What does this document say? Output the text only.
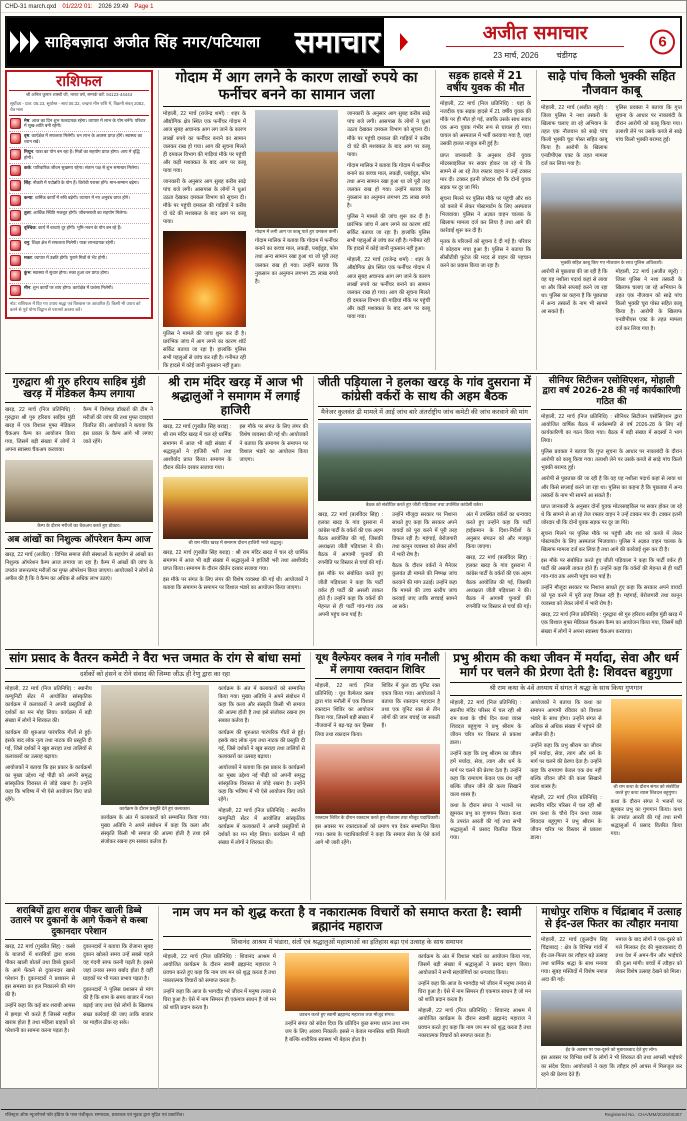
CHD-31 march.qxd 01/22/2 01: 2026 29:49 Page 1
साहिबज़ादा अजीत सिंह नगर/पटियाला समाचार	अजीत समाचार
23 मार्च, 2026 चंडीगढ़
6
राशिफल
श्री अनिल कुमार शास्त्री जी, भारत वर्ष, सम्पर्क करें: 94123-44444
सूर्योदय - प्रात: 06:23, सूर्यास्त - सायं 06:32, चन्द्रमा मीन राशि में, विक्रमी संवत् 2082, चैत्र मास
मेष: आज का दिन शुभ फलदायक रहेगा। व्यापार में लाभ के योग बनेंगे। परिवार में सुख-शांति बनी रहेगी।
वृष: कार्यक्षेत्र में सफलता मिलेगी। धन लाभ के अवसर प्राप्त होंगे। स्वास्थ्य का ध्यान रखें।
मिथुन: यात्रा का योग बन रहा है। मित्रों का सहयोग प्राप्त होगा। आय में वृद्धि होगी।
कर्क: पारिवारिक जीवन सुखमय रहेगा। संतान पक्ष से शुभ समाचार मिलेगा।
सिंह: नौकरी में पदोन्नति के योग हैं। विरोधी परास्त होंगे। मान-सम्मान बढ़ेगा।
कन्या: धार्मिक कार्यों में रुचि बढ़ेगी। व्यापार में नए अनुबंध प्राप्त होंगे।
तुला: आर्थिक स्थिति मजबूत होगी। जीवनसाथी का सहयोग मिलेगा।
वृश्चिक: कार्य में बाधाएं दूर होंगी। भूमि-भवन के योग बन रहे हैं।
धनु: शिक्षा क्षेत्र में सफलता मिलेगी। यात्रा लाभदायक रहेगी।
मकर: व्यापार में उन्नति होगी। पुराने मित्रों से भेंट होगी।
कुंभ: स्वास्थ्य में सुधार होगा। रुका हुआ धन प्राप्त होगा।
मीन: शुभ कार्यों पर व्यय होगा। कार्यक्षेत्र में प्रशंसा मिलेगी।
नोट: राशिफल में दिए गए उपाय श्रद्धा एवं विश्वास पर आधारित हैं। किसी भी उपाय को करने से पूर्व योग्य विद्वान से परामर्श अवश्य करें।
गोदाम में आग लगने के कारण लाखों रुपये का फर्नीचर बनने का सामान जला

मोहाली, 22 मार्च (राजेन्द्र शर्मा) : शहर के औद्योगिक क्षेत्र स्थित एक फर्नीचर गोदाम में आज सुबह अचानक आग लग जाने के कारण लाखों रुपये का फर्नीचर बनाने का सामान जलकर राख हो गया। आग की सूचना मिलते ही दमकल विभाग की गाड़ियां मौके पर पहुंचीं और कड़ी मशक्कत के बाद आग पर काबू पाया गया।

जानकारी के अनुसार आग सुबह करीब साढ़े पांच बजे लगी। आसपास के लोगों ने धुआं उठता देखकर दमकल विभाग को सूचना दी। मौके पर पहुंची दमकल की गाड़ियों ने करीब दो घंटे की मशक्कत के बाद आग पर काबू पाया।

पुलिस ने मामले की जांच शुरू कर दी है। प्रारंभिक जांच में आग लगने का कारण शॉर्ट सर्किट बताया जा रहा है। हालांकि पुलिस सभी पहलुओं से जांच कर रही है। गनीमत रही कि हादसे में कोई जानी नुकसान नहीं हुआ।

गोदाम में लगी आग पर काबू पाते हुए दमकल कर्मी।

गोदाम मालिक ने बताया कि गोदाम में फर्नीचर बनाने का कच्चा माल, लकड़ी, प्लाईवुड, फोम तथा अन्य सामान रखा हुआ था जो पूरी तरह जलकर राख हो गया। उन्होंने बताया कि नुकसान का अनुमान लगभग 25 लाख रुपये है।

जानकारी के अनुसार आग सुबह करीब साढ़े पांच बजे लगी। आसपास के लोगों ने धुआं उठता देखकर दमकल विभाग को सूचना दी। मौके पर पहुंची दमकल की गाड़ियों ने करीब दो घंटे की मशक्कत के बाद आग पर काबू पाया।

गोदाम मालिक ने बताया कि गोदाम में फर्नीचर बनाने का कच्चा माल, लकड़ी, प्लाईवुड, फोम तथा अन्य सामान रखा हुआ था जो पूरी तरह जलकर राख हो गया। उन्होंने बताया कि नुकसान का अनुमान लगभग 25 लाख रुपये है।

पुलिस ने मामले की जांच शुरू कर दी है। प्रारंभिक जांच में आग लगने का कारण शॉर्ट सर्किट बताया जा रहा है। हालांकि पुलिस सभी पहलुओं से जांच कर रही है। गनीमत रही कि हादसे में कोई जानी नुकसान नहीं हुआ।

मोहाली, 22 मार्च (राजेन्द्र शर्मा) : शहर के औद्योगिक क्षेत्र स्थित एक फर्नीचर गोदाम में आज सुबह अचानक आग लग जाने के कारण लाखों रुपये का फर्नीचर बनाने का सामान जलकर राख हो गया। आग की सूचना मिलते ही दमकल विभाग की गाड़ियां मौके पर पहुंचीं और कड़ी मशक्कत के बाद आग पर काबू पाया गया।

सड़क हादसे में 21 वर्षीय युवक की मौत

मोहाली, 22 मार्च (निज प्रतिनिधि) : यहां के नजदीक एक सड़क हादसे में 21 वर्षीय युवक की मौके पर ही मौत हो गई, जबकि उसके साथ सवार एक अन्य युवक गंभीर रूप से घायल हो गया। घायल को अस्पताल में भर्ती करवाया गया है, जहां उसकी हालत नाजुक बनी हुई है।

प्राप्त जानकारी के अनुसार दोनों युवक मोटरसाइकिल पर सवार होकर जा रहे थे कि सामने से आ रहे तेज रफ्तार वाहन ने उन्हें टक्कर मार दी। टक्कर इतनी जोरदार थी कि दोनों युवक सड़क पर दूर जा गिरे।

सूचना मिलने पर पुलिस मौके पर पहुंची और शव को कब्जे में लेकर पोस्टमार्टम के लिए अस्पताल भिजवाया। पुलिस ने अज्ञात वाहन चालक के खिलाफ मामला दर्ज कर लिया है तथा आगे की कार्रवाई शुरू कर दी है।

मृतक के परिजनों को सूचना दे दी गई है। परिवार में कोहराम मचा हुआ है। पुलिस ने बताया कि सीसीटीवी फुटेज की मदद से वाहन की पहचान करने का प्रयास किया जा रहा है।

साढ़े पांच किलो भुक्की सहित नौजवान काबू

मोहाली, 22 मार्च (अजीत ब्यूरो) : जिला पुलिस ने नशा तस्करी के खिलाफ चलाए जा रहे अभियान के तहत एक नौजवान को साढ़े पांच किलो भुक्की चूरा पोस्त सहित काबू किया है। आरोपी के खिलाफ एनडीपीएस एक्ट के तहत मामला दर्ज कर लिया गया है।

पुलिस प्रवक्ता ने बताया कि गुप्त सूचना के आधार पर नाकाबंदी के दौरान आरोपी को काबू किया गया। तलाशी लेने पर उसके कब्जे से साढ़े पांच किलो भुक्की बरामद हुई।

भुक्की सहित काबू किए गए नौजवान के साथ पुलिस अधिकारी।

आरोपी से पूछताछ की जा रही है कि वह यह नशीला पदार्थ कहां से लाया था और किसे सप्लाई करने जा रहा था। पुलिस का कहना है कि पूछताछ में अन्य तस्करों के नाम भी सामने आ सकते हैं।

मोहाली, 22 मार्च (अजीत ब्यूरो) : जिला पुलिस ने नशा तस्करी के खिलाफ चलाए जा रहे अभियान के तहत एक नौजवान को साढ़े पांच किलो भुक्की चूरा पोस्त सहित काबू किया है। आरोपी के खिलाफ एनडीपीएस एक्ट के तहत मामला दर्ज कर लिया गया है।

गुरुद्वारा श्री गुरु हरिराय साहिब मुंडी खरड़ में मेडिकल कैम्प लगाया

खरड़, 22 मार्च (निज प्रतिनिधि) : गुरुद्वारा श्री गुरु हरिराय साहिब मुंडी खरड़ में एक विशाल मुफ्त मेडिकल चैकअप कैम्प का आयोजन किया गया, जिसमें बड़ी संख्या में लोगों ने अपना स्वास्थ्य चैकअप करवाया।

कैम्प में विशेषज्ञ डॉक्टरों की टीम ने मरीजों की जांच की तथा मुफ्त दवाइयां वितरित कीं। आयोजकों ने बताया कि इस प्रकार के कैम्प आगे भी लगाए जाते रहेंगे।

कैम्प के दौरान मरीजों का चैकअप करते हुए डॉक्टर।
अब आंखों का निशुल्क ऑपरेशन कैम्प आज

खरड़, 22 मार्च (अजीत) : विभिन्न समाज सेवी संस्थाओं के सहयोग से आंखों का निशुल्क ऑपरेशन कैम्प आज लगाया जा रहा है। कैम्प में आंखों की जांच के उपरांत जरूरतमंद मरीजों का मुफ्त ऑपरेशन किया जाएगा। आयोजकों ने लोगों से अपील की है कि वे कैम्प का अधिक से अधिक लाभ उठाएं।

श्री राम मंदिर खरड़ में आज भी श्रद्धालुओं ने समागम में लगाई हाजिरी

खरड़, 22 मार्च (गुरप्रीत सिंह बराड़) : श्री राम मंदिर खरड़ में चल रहे धार्मिक समागम में आज भी बड़ी संख्या में श्रद्धालुओं ने हाजिरी भरी तथा आशीर्वाद प्राप्त किया। समागम के दौरान कीर्तन दरबार सजाया गया।

इस मौके पर संगत के लिए लंगर की विशेष व्यवस्था की गई थी। आयोजकों ने बताया कि समागम के समापन पर विशाल भंडारे का आयोजन किया जाएगा।

श्री राम मंदिर खरड़ में समागम दौरान हाजिरी भरते श्रद्धालु।

खरड़, 22 मार्च (गुरप्रीत सिंह बराड़) : श्री राम मंदिर खरड़ में चल रहे धार्मिक समागम में आज भी बड़ी संख्या में श्रद्धालुओं ने हाजिरी भरी तथा आशीर्वाद प्राप्त किया। समागम के दौरान कीर्तन दरबार सजाया गया।

इस मौके पर संगत के लिए लंगर की विशेष व्यवस्था की गई थी। आयोजकों ने बताया कि समागम के समापन पर विशाल भंडारे का आयोजन किया जाएगा।

जीती पड़ियाला ने हलका खरड़ के गांव दुसराना में कांग्रेसी वर्करों के साथ की अहम बैठक
मैनेजर कुलवंत ढी मामले में आई जांच बारे अंतर्राष्ट्रीय जांच कमेटी की जांच करवाने की मांग
बैठक को संबोधित करते हुए जीती पड़ियाला तथा उपस्थित कांग्रेसी वर्कर।

खरड़, 22 मार्च (बलविंदर सिंह) : हलका खरड़ के गांव दुसराना में कांग्रेस पार्टी के वर्करों की एक अहम बैठक आयोजित की गई, जिसकी अध्यक्षता जीती पड़ियाला ने की। बैठक में आगामी चुनावों की रणनीति पर विस्तार से चर्चा की गई।

इस मौके पर संबोधित करते हुए जीती पड़ियाला ने कहा कि पार्टी वर्कर ही पार्टी की असली ताकत होते हैं। उन्होंने कहा कि वर्करों की मेहनत से ही पार्टी गांव-गांव तक अपनी पहुंच बना पाई है।

उन्होंने मौजूदा सरकार पर निशाना साधते हुए कहा कि सरकार अपने वायदों को पूरा करने में पूरी तरह विफल रही है। महंगाई, बेरोजगारी तथा कानून व्यवस्था को लेकर लोगों में भारी रोष है।

बैठक के दौरान वर्करों ने मैनेजर कुलवंत ढी मामले की निष्पक्ष जांच करवाने की मांग उठाई। उन्होंने कहा कि मामले की उच्च स्तरीय जांच करवाई जाए ताकि सच्चाई सामने आ सके।

अंत में उपस्थित वर्करों का धन्यवाद करते हुए उन्होंने कहा कि पार्टी हाईकमान के दिशा-निर्देशों के अनुसार संगठन को और मजबूत किया जाएगा।

खरड़, 22 मार्च (बलविंदर सिंह) : हलका खरड़ के गांव दुसराना में कांग्रेस पार्टी के वर्करों की एक अहम बैठक आयोजित की गई, जिसकी अध्यक्षता जीती पड़ियाला ने की। बैठक में आगामी चुनावों की रणनीति पर विस्तार से चर्चा की गई।

सीनियर सिटीजन एसोसिएशन, मोहाली द्वारा वर्ष 2026-28 की नई कार्यकारिणी गठित की

मोहाली, 22 मार्च (निज प्रतिनिधि) : सीनियर सिटीजन एसोसिएशन द्वारा आयोजित वार्षिक बैठक में सर्वसम्मति से वर्ष 2026-28 के लिए नई कार्यकारिणी का गठन किया गया। बैठक में बड़ी संख्या में सदस्यों ने भाग लिया।

पुलिस प्रवक्ता ने बताया कि गुप्त सूचना के आधार पर नाकाबंदी के दौरान आरोपी को काबू किया गया। तलाशी लेने पर उसके कब्जे से साढ़े पांच किलो भुक्की बरामद हुई।

आरोपी से पूछताछ की जा रही है कि वह यह नशीला पदार्थ कहां से लाया था और किसे सप्लाई करने जा रहा था। पुलिस का कहना है कि पूछताछ में अन्य तस्करों के नाम भी सामने आ सकते हैं।

प्राप्त जानकारी के अनुसार दोनों युवक मोटरसाइकिल पर सवार होकर जा रहे थे कि सामने से आ रहे तेज रफ्तार वाहन ने उन्हें टक्कर मार दी। टक्कर इतनी जोरदार थी कि दोनों युवक सड़क पर दूर जा गिरे।

सूचना मिलने पर पुलिस मौके पर पहुंची और शव को कब्जे में लेकर पोस्टमार्टम के लिए अस्पताल भिजवाया। पुलिस ने अज्ञात वाहन चालक के खिलाफ मामला दर्ज कर लिया है तथा आगे की कार्रवाई शुरू कर दी है।

इस मौके पर संबोधित करते हुए जीती पड़ियाला ने कहा कि पार्टी वर्कर ही पार्टी की असली ताकत होते हैं। उन्होंने कहा कि वर्करों की मेहनत से ही पार्टी गांव-गांव तक अपनी पहुंच बना पाई है।

उन्होंने मौजूदा सरकार पर निशाना साधते हुए कहा कि सरकार अपने वायदों को पूरा करने में पूरी तरह विफल रही है। महंगाई, बेरोजगारी तथा कानून व्यवस्था को लेकर लोगों में भारी रोष है।

खरड़, 22 मार्च (निज प्रतिनिधि) : गुरुद्वारा श्री गुरु हरिराय साहिब मुंडी खरड़ में एक विशाल मुफ्त मेडिकल चैकअप कैम्प का आयोजन किया गया, जिसमें बड़ी संख्या में लोगों ने अपना स्वास्थ्य चैकअप करवाया।

सांग प्रसाद के वैतरन कमेटी ने वैरा भत्त जमात के रांग से बांधा समां
दर्शकों को हंसने व रोने संवाद की जिम्मा जीऊ ही रेणु द्वारा का रहा

मोहाली, 22 मार्च (निज प्रतिनिधि) : स्थानीय कम्युनिटी सेंटर में आयोजित सांस्कृतिक कार्यक्रम में कलाकारों ने अपनी प्रस्तुतियों से दर्शकों का मन मोह लिया। कार्यक्रम में बड़ी संख्या में लोगों ने शिरकत की।

कार्यक्रम की शुरुआत पारंपरिक गीतों से हुई। इसके बाद लोक नृत्य तथा नाटक की प्रस्तुति दी गई, जिसे दर्शकों ने खूब सराहा तथा तालियों से कलाकारों का उत्साह बढ़ाया।

आयोजकों ने बताया कि इस प्रकार के कार्यक्रमों का मुख्य उद्देश्य नई पीढ़ी को अपनी समृद्ध सांस्कृतिक विरासत से जोड़े रखना है। उन्होंने कहा कि भविष्य में भी ऐसे आयोजन किए जाते रहेंगे।

कार्यक्रम के दौरान प्रस्तुति देते हुए कलाकार।

कार्यक्रम के अंत में कलाकारों को सम्मानित किया गया। मुख्य अतिथि ने अपने संबोधन में कहा कि कला और संस्कृति किसी भी समाज की आत्मा होती है तथा इसे संजोकर रखना हम सबका कर्तव्य है।

कार्यक्रम के अंत में कलाकारों को सम्मानित किया गया। मुख्य अतिथि ने अपने संबोधन में कहा कि कला और संस्कृति किसी भी समाज की आत्मा होती है तथा इसे संजोकर रखना हम सबका कर्तव्य है।

कार्यक्रम की शुरुआत पारंपरिक गीतों से हुई। इसके बाद लोक नृत्य तथा नाटक की प्रस्तुति दी गई, जिसे दर्शकों ने खूब सराहा तथा तालियों से कलाकारों का उत्साह बढ़ाया।

आयोजकों ने बताया कि इस प्रकार के कार्यक्रमों का मुख्य उद्देश्य नई पीढ़ी को अपनी समृद्ध सांस्कृतिक विरासत से जोड़े रखना है। उन्होंने कहा कि भविष्य में भी ऐसे आयोजन किए जाते रहेंगे।

मोहाली, 22 मार्च (निज प्रतिनिधि) : स्थानीय कम्युनिटी सेंटर में आयोजित सांस्कृतिक कार्यक्रम में कलाकारों ने अपनी प्रस्तुतियों से दर्शकों का मन मोह लिया। कार्यक्रम में बड़ी संख्या में लोगों ने शिरकत की।

यूथ वैल्फेयर क्लब ने गांव मनौली में लगाया रक्तदान शिविर

मोहाली, 22 मार्च (निज प्रतिनिधि) : यूथ वैल्फेयर क्लब द्वारा गांव मनौली में एक विशाल रक्तदान शिविर का आयोजन किया गया, जिसमें बड़ी संख्या में नौजवानों ने बढ़-चढ़ कर हिस्सा लिया तथा रक्तदान किया।

शिविर में कुल 85 यूनिट रक्त एकत्र किया गया। आयोजकों ने बताया कि रक्तदान महादान है तथा एक यूनिट रक्त से तीन लोगों की जान बचाई जा सकती है।

रक्तदान शिविर के दौरान रक्तदान करते हुए नौजवान तथा मौजूद पदाधिकारी।

इस अवसर पर रक्तदाताओं को प्रमाण पत्र देकर सम्मानित किया गया। क्लब के पदाधिकारियों ने कहा कि समाज सेवा के ऐसे कार्य आगे भी जारी रहेंगे।

प्रभु श्रीराम की कथा जीवन में मर्यादा, सेवा और धर्म मार्ग पर चलने की प्रेरणा देती है: शिवदत्त बहुगुणा
श्री राम कथा के 4वें अध्याय में संगत ने श्रद्धा के साथ किया गुणगान

मोहाली, 22 मार्च (निज प्रतिनिधि) : स्थानीय मंदिर परिसर में चल रही श्री राम कथा के चौथे दिन कथा व्यास शिवदत्त बहुगुणा ने प्रभु श्रीराम के जीवन चरित्र पर विस्तार से प्रकाश डाला।

उन्होंने कहा कि प्रभु श्रीराम का जीवन हमें मर्यादा, सेवा, त्याग और धर्म के मार्ग पर चलने की प्रेरणा देता है। उन्होंने कहा कि रामायण केवल एक ग्रंथ नहीं बल्कि जीवन जीने की कला सिखाने वाला शास्त्र है।

कथा के दौरान संगत ने भजनों पर झूमकर प्रभु का गुणगान किया। कथा के उपरांत आरती की गई तथा सभी श्रद्धालुओं में प्रसाद वितरित किया गया।

आयोजकों ने बताया कि कथा का समापन आगामी रविवार को विशाल भंडारे के साथ होगा। उन्होंने संगत से अधिक से अधिक संख्या में पहुंचने की अपील की है।

उन्होंने कहा कि प्रभु श्रीराम का जीवन हमें मर्यादा, सेवा, त्याग और धर्म के मार्ग पर चलने की प्रेरणा देता है। उन्होंने कहा कि रामायण केवल एक ग्रंथ नहीं बल्कि जीवन जीने की कला सिखाने वाला शास्त्र है।

मोहाली, 22 मार्च (निज प्रतिनिधि) : स्थानीय मंदिर परिसर में चल रही श्री राम कथा के चौथे दिन कथा व्यास शिवदत्त बहुगुणा ने प्रभु श्रीराम के जीवन चरित्र पर विस्तार से प्रकाश डाला।

श्री राम कथा के दौरान संगत को संबोधित करते हुए कथा व्यास शिवदत्त बहुगुणा।

कथा के दौरान संगत ने भजनों पर झूमकर प्रभु का गुणगान किया। कथा के उपरांत आरती की गई तथा सभी श्रद्धालुओं में प्रसाद वितरित किया गया।

शराबियों द्वारा शराब पीकर खाली डिब्बे उतारने पर दुकानों के आगे फेंकने से कस्बा दुकानदार परेशान

खरड़, 22 मार्च (गुरप्रीत सिंह) : कस्बे के बाजारों में शराबियों द्वारा शराब पीकर खाली बोतलें तथा डिब्बे दुकानों के आगे फेंकने से दुकानदार खासे परेशान हैं। दुकानदारों ने प्रशासन से इस समस्या का हल निकालने की मांग की है।

उन्होंने कहा कि कई बार शराबी आपस में झगड़ा भी करते हैं जिससे माहौल खराब होता है तथा महिला ग्राहकों को परेशानी का सामना करना पड़ता है।

दुकानदारों ने बताया कि रोजाना सुबह दुकान खोलते समय उन्हें सबसे पहले यह गंदगी साफ करनी पड़ती है। इससे जहां उनका समय बर्बाद होता है वहीं ग्राहकों पर भी गलत प्रभाव पड़ता है।

दुकानदारों ने पुलिस प्रशासन से मांग की है कि शाम के समय बाजार में गश्त बढ़ाई जाए तथा ऐसे लोगों के खिलाफ सख्त कार्रवाई की जाए ताकि बाजार का माहौल ठीक रह सके।

नाम जप मन को शुद्ध करता है व नकारात्मक विचारों को समाप्त करता है: स्वामी ब्रह्मानंद महाराज
शिवानंद आश्रम में भंडारा, संतों एवं श्रद्धालुओं महात्माओं का इतिहास बढ़ा एवं उत्साह के साथ समापन

मोहाली, 22 मार्च (निज प्रतिनिधि) : शिवानंद आश्रम में आयोजित कार्यक्रम के दौरान स्वामी ब्रह्मानंद महाराज ने प्रवचन करते हुए कहा कि नाम जप मन को शुद्ध करता है तथा नकारात्मक विचारों को समाप्त करता है।

उन्होंने कहा कि आज के भागदौड़ भरे जीवन में मनुष्य तनाव से घिरा हुआ है। ऐसे में नाम सिमरन ही एकमात्र साधन है जो मन को शांति प्रदान करता है।

प्रवचन करते हुए स्वामी ब्रह्मानंद महाराज तथा मौजूद संगत।

उन्होंने संगत को संदेश दिया कि प्रतिदिन कुछ समय ध्यान तथा नाम जप के लिए अवश्य निकालें। इससे न केवल मानसिक शांति मिलती है बल्कि शारीरिक स्वास्थ्य भी बेहतर होता है।

कार्यक्रम के अंत में विशाल भंडारे का आयोजन किया गया, जिसमें बड़ी संख्या में श्रद्धालुओं ने प्रसाद ग्रहण किया। आयोजकों ने सभी सहयोगियों का धन्यवाद किया।

उन्होंने कहा कि आज के भागदौड़ भरे जीवन में मनुष्य तनाव से घिरा हुआ है। ऐसे में नाम सिमरन ही एकमात्र साधन है जो मन को शांति प्रदान करता है।

मोहाली, 22 मार्च (निज प्रतिनिधि) : शिवानंद आश्रम में आयोजित कार्यक्रम के दौरान स्वामी ब्रह्मानंद महाराज ने प्रवचन करते हुए कहा कि नाम जप मन को शुद्ध करता है तथा नकारात्मक विचारों को समाप्त करता है।

माधोपुर राशिफ व चिंद्राबाद में उत्साह से ईद-उल फितर का त्यौहार मनाया

मोहाली, 22 मार्च (कुलदीप सिंह चिंद्राबाद) : क्षेत्र के विभिन्न गांवों में ईद-उल-फितर का त्यौहार बड़े उत्साह तथा धार्मिक श्रद्धा के साथ मनाया गया। सुबह मस्जिदों में विशेष नमाज अदा की गई।

नमाज के बाद लोगों ने एक-दूसरे को गले मिलकर ईद की मुबारकबाद दी तथा देश में अमन-चैन और भाईचारे की दुआ मांगी। बच्चों में त्यौहार को लेकर विशेष उत्साह देखने को मिला।

ईद के अवसर पर एक-दूसरे को मुबारकबाद देते हुए लोग।

इस अवसर पर विभिन्न धर्मों के लोगों ने भी शिरकत की तथा आपसी भाईचारे का संदेश दिया। आयोजकों ने कहा कि त्यौहार हमें आपस में मिलजुल कर रहने की प्रेरणा देते हैं।

रजिस्ट्रार ऑफ न्यूजपेपर्स फॉर इंडिया के पास पंजीकृत। सम्पादक, प्रकाशक एवं मुद्रक द्वारा मुद्रित एवं प्रकाशित।	Registered No.: CHA/MM/2026/00357
